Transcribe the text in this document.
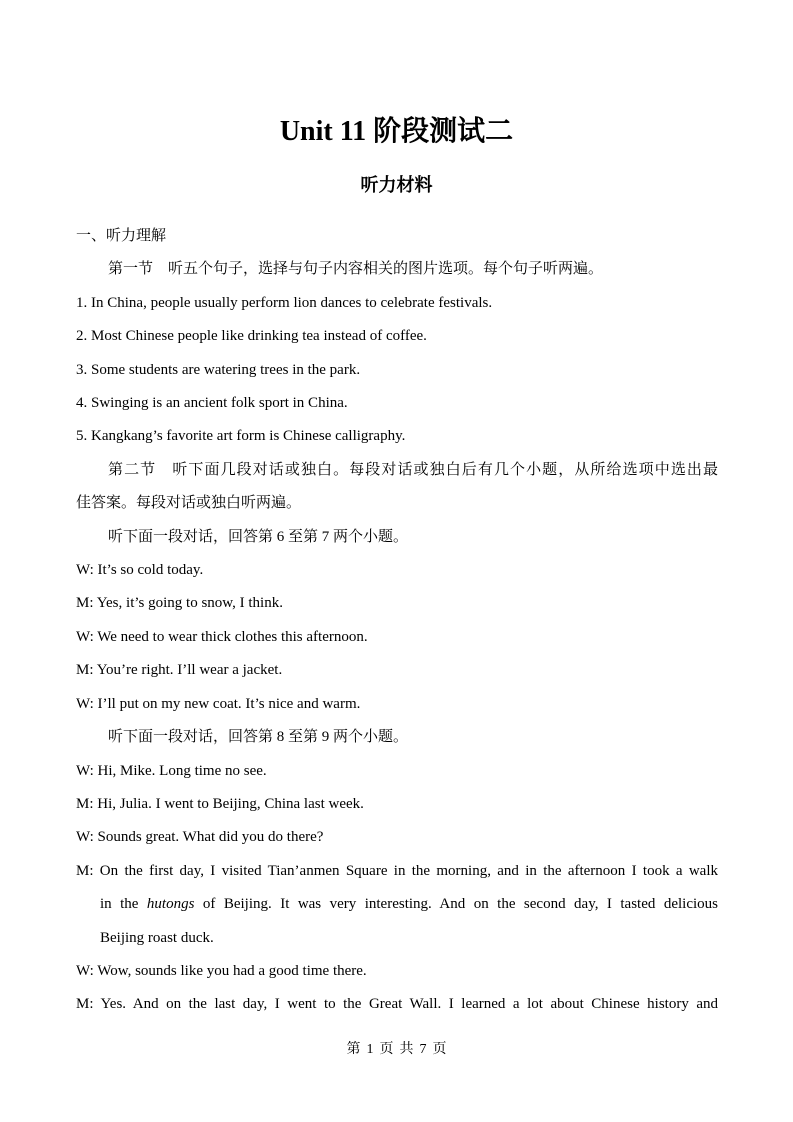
Unit 11 阶段测试二
听力材料
一、听力理解
第一节　听五个句子，选择与句子内容相关的图片选项。每个句子听两遍。
1. In China, people usually perform lion dances to celebrate festivals.
2. Most Chinese people like drinking tea instead of coffee.
3. Some students are watering trees in the park.
4. Swinging is an ancient folk sport in China.
5. Kangkang’s favorite art form is Chinese calligraphy.
第二节　听下面几段对话或独白。每段对话或独白后有几个小题，从所给选项中选出最
佳答案。每段对话或独白听两遍。
听下面一段对话，回答第 6 至第 7 两个小题。
W: It’s so cold today.
M: Yes, it’s going to snow, I think.
W: We need to wear thick clothes this afternoon.
M: You’re right. I’ll wear a jacket.
W: I’ll put on my new coat. It’s nice and warm.
听下面一段对话，回答第 8 至第 9 两个小题。
W: Hi, Mike. Long time no see.
M: Hi, Julia. I went to Beijing, China last week.
W: Sounds great. What did you do there?
M: On the first day, I visited Tian’anmen Square in the morning, and in the afternoon I took a walk
in the hutongs of Beijing. It was very interesting. And on the second day, I tasted delicious
Beijing roast duck.
W: Wow, sounds like you had a good time there.
M: Yes. And on the last day, I went to the Great Wall. I learned a lot about Chinese history and
第 1 页 共 7 页
